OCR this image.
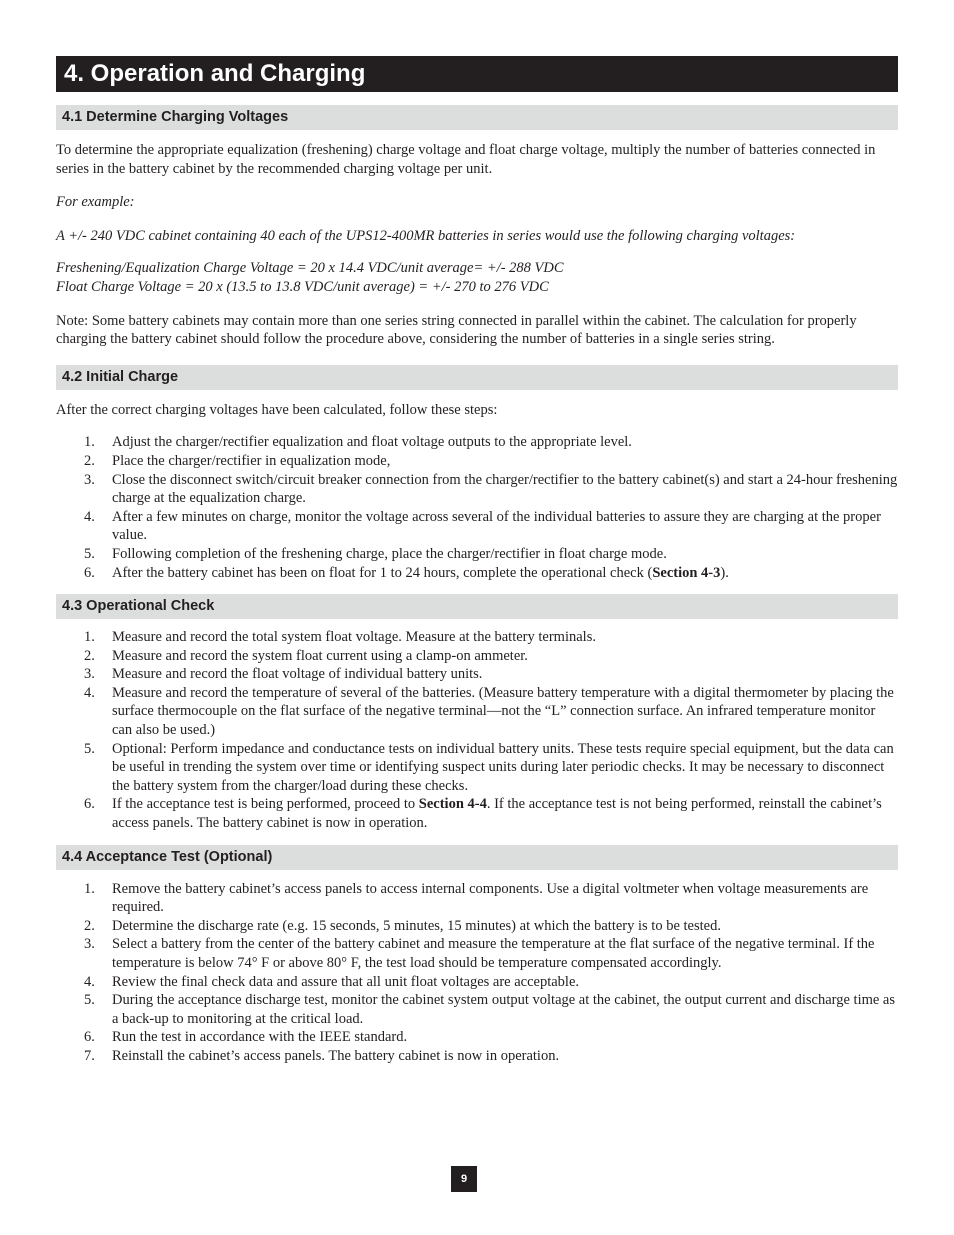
4. Operation and Charging
4.1 Determine Charging Voltages

To determine the appropriate equalization (freshening) charge voltage and float charge voltage, multiply the number of batteries connected in series in the battery cabinet by the recommended charging voltage per unit.

For example:

A +/- 240 VDC cabinet containing 40 each of the UPS12-400MR batteries in series would use the following charging voltages:

Freshening/Equalization Charge Voltage = 20 x 14.4 VDC/unit average= +/- 288 VDC

Float Charge Voltage = 20 x (13.5 to 13.8 VDC/unit average) = +/- 270 to 276 VDC

Note: Some battery cabinets may contain more than one series string connected in parallel within the cabinet. The calculation for properly charging the battery cabinet should follow the procedure above, considering the number of batteries in a single series string.

4.2 Initial Charge

After the correct charging voltages have been calculated, follow these steps:

1. Adjust the charger/rectifier equalization and float voltage outputs to the appropriate level.
2. Place the charger/rectifier in equalization mode,
3. Close the disconnect switch/circuit breaker connection from the charger/rectifier to the battery cabinet(s) and start a 24-hour freshening charge at the equalization charge.
4. After a few minutes on charge, monitor the voltage across several of the individual batteries to assure they are charging at the proper value.
5. Following completion of the freshening charge, place the charger/rectifier in float charge mode.
6. After the battery cabinet has been on float for 1 to 24 hours, complete the operational check (Section 4-3).
4.3 Operational Check
1. Measure and record the total system float voltage. Measure at the battery terminals.
2. Measure and record the system float current using a clamp-on ammeter.
3. Measure and record the float voltage of individual battery units.
4. Measure and record the temperature of several of the batteries. (Measure battery temperature with a digital thermometer by placing the surface thermocouple on the flat surface of the negative terminal—not the “L” connection surface. An infrared temperature monitor can also be used.)
5. Optional: Perform impedance and conductance tests on individual battery units. These tests require special equipment, but the data can be useful in trending the system over time or identifying suspect units during later periodic checks. It may be necessary to disconnect the battery system from the charger/load during these checks.
6. If the acceptance test is being performed, proceed to Section 4-4. If the acceptance test is not being performed, reinstall the cabinet’s access panels. The battery cabinet is now in operation.
4.4 Acceptance Test (Optional)
1. Remove the battery cabinet’s access panels to access internal components. Use a digital voltmeter when voltage measurements are required.
2. Determine the discharge rate (e.g. 15 seconds, 5 minutes, 15 minutes) at which the battery is to be tested.
3. Select a battery from the center of the battery cabinet and measure the temperature at the flat surface of the negative terminal. If the temperature is below 74° F or above 80° F, the test load should be temperature compensated accordingly.
4. Review the final check data and assure that all unit float voltages are acceptable.
5. During the acceptance discharge test, monitor the cabinet system output voltage at the cabinet, the output current and discharge time as a back-up to monitoring at the critical load.
6. Run the test in accordance with the IEEE standard.
7. Reinstall the cabinet’s access panels. The battery cabinet is now in operation.
9
